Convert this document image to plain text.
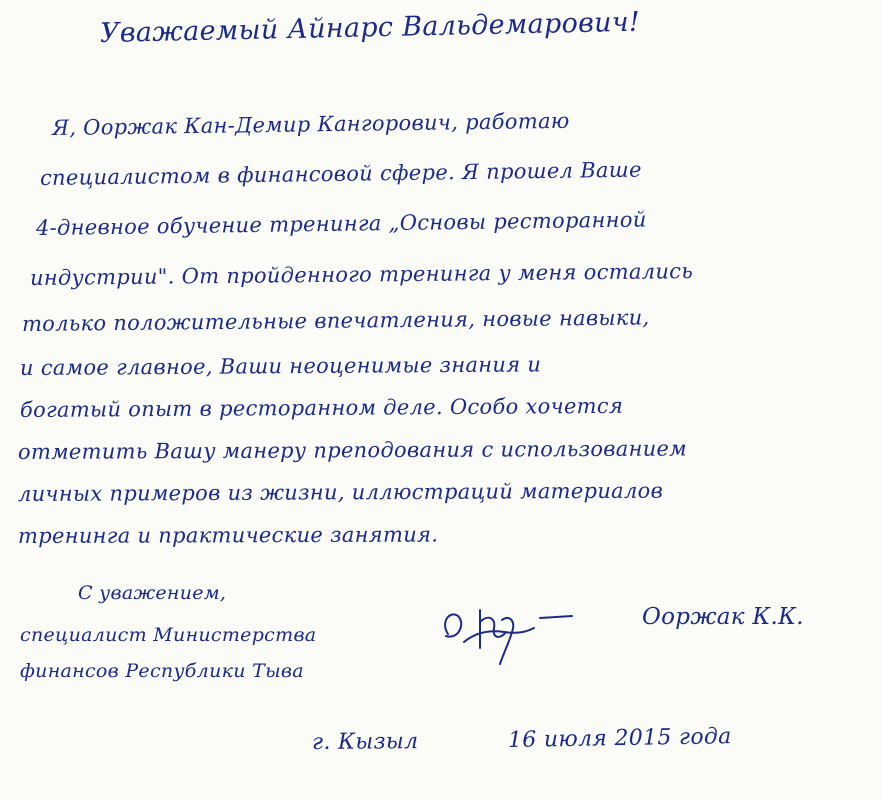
Уважаемый Айнарс Вальдемарович!
Я, Ооржак Кан-Демир Кангорович, работаю
специалистом в финансовой сфере. Я прошел Ваше
4-дневное обучение тренинга „Основы ресторанной
индустрии". От пройденного тренинга у меня остались
только положительные впечатления, новые навыки,
и самое главное, Ваши неоценимые знания и
богатый опыт в ресторанном деле. Особо хочется
отметить Вашу манеру преподования с использованием
личных примеров из жизни, иллюстраций материалов
тренинга и практические занятия.
С уважением,
специалист Министерства
финансов Республики Тыва
Ооржак К.К.
г. Кызыл	16 июля 2015 года
